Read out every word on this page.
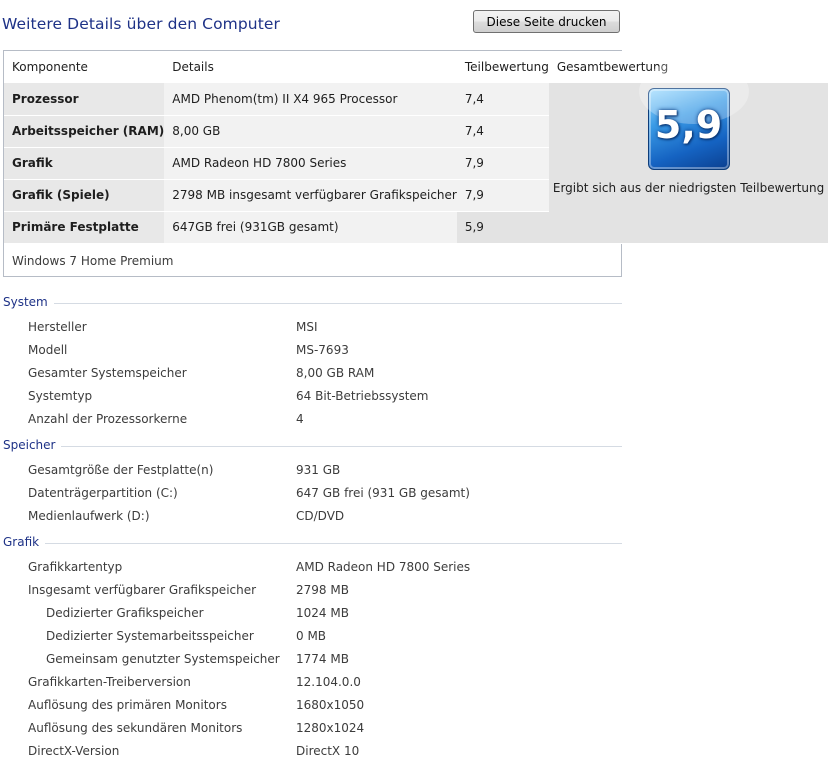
Weitere Details über den Computer	Diese Seite drucken
Komponente	Details	Teilbewertung	Gesamtbewertung
Prozessor	AMD Phenom(tm) II X4 965 Processor	7,4	5,9
Ergibt sich aus der niedrigsten Teilbewertung

Arbeitsspeicher (RAM)	8,00 GB	7,4	
Grafik	AMD Radeon HD 7800 Series	7,9	
Grafik (Spiele)	2798 MB insgesamt verfügbarer Grafikspeicher	7,9	
Primäre Festplatte	647GB frei (931GB gesamt)	5,9	
Windows 7 Home Premium
System
Hersteller	MSI
Modell	MS-7693
Gesamter Systemspeicher	8,00 GB RAM
Systemtyp	64 Bit-Betriebssystem
Anzahl der Prozessorkerne	4
Speicher
Gesamtgröße der Festplatte(n)	931 GB
Datenträgerpartition (C:)	647 GB frei (931 GB gesamt)
Medienlaufwerk (D:)	CD/DVD
Grafik
Grafikkartentyp	AMD Radeon HD 7800 Series
Insgesamt verfügbarer Grafikspeicher	2798 MB
Dedizierter Grafikspeicher	1024 MB
Dedizierter Systemarbeitsspeicher	0 MB
Gemeinsam genutzter Systemspeicher 1774 MB
Grafikkarten-Treiberversion	12.104.0.0
Auflösung des primären Monitors	1680x1050
Auflösung des sekundären Monitors	1280x1024
DirectX-Version	DirectX 10
